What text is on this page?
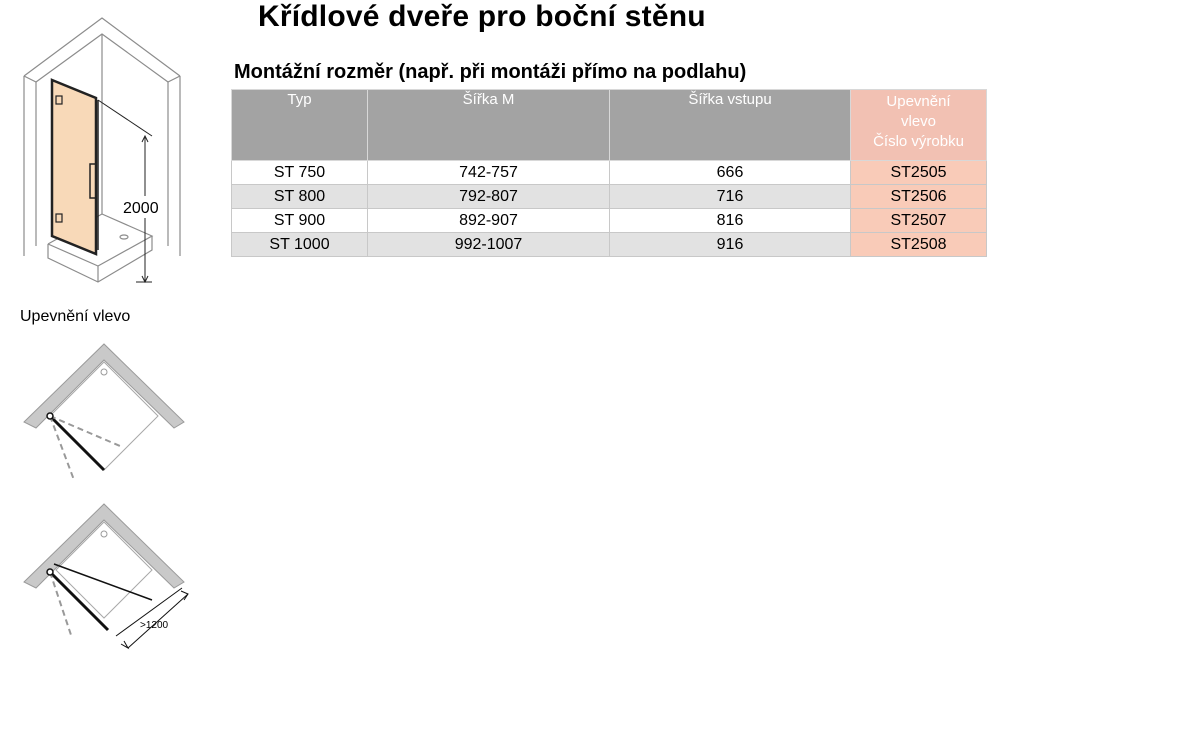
Křídlové dveře pro boční stěnu
Montážní rozměr (např. při montáži přímo na podlahu)
Typ	Šířka M	Šířka vstupu	Upevnění
vlevo
Číslo výrobku
ST 750	742-757	666	ST2505
ST 800	792-807	716	ST2506
ST 900	892-907	816	ST2507
ST 1000	992-1007	916	ST2508
2000
Upevnění vlevo
>1200
